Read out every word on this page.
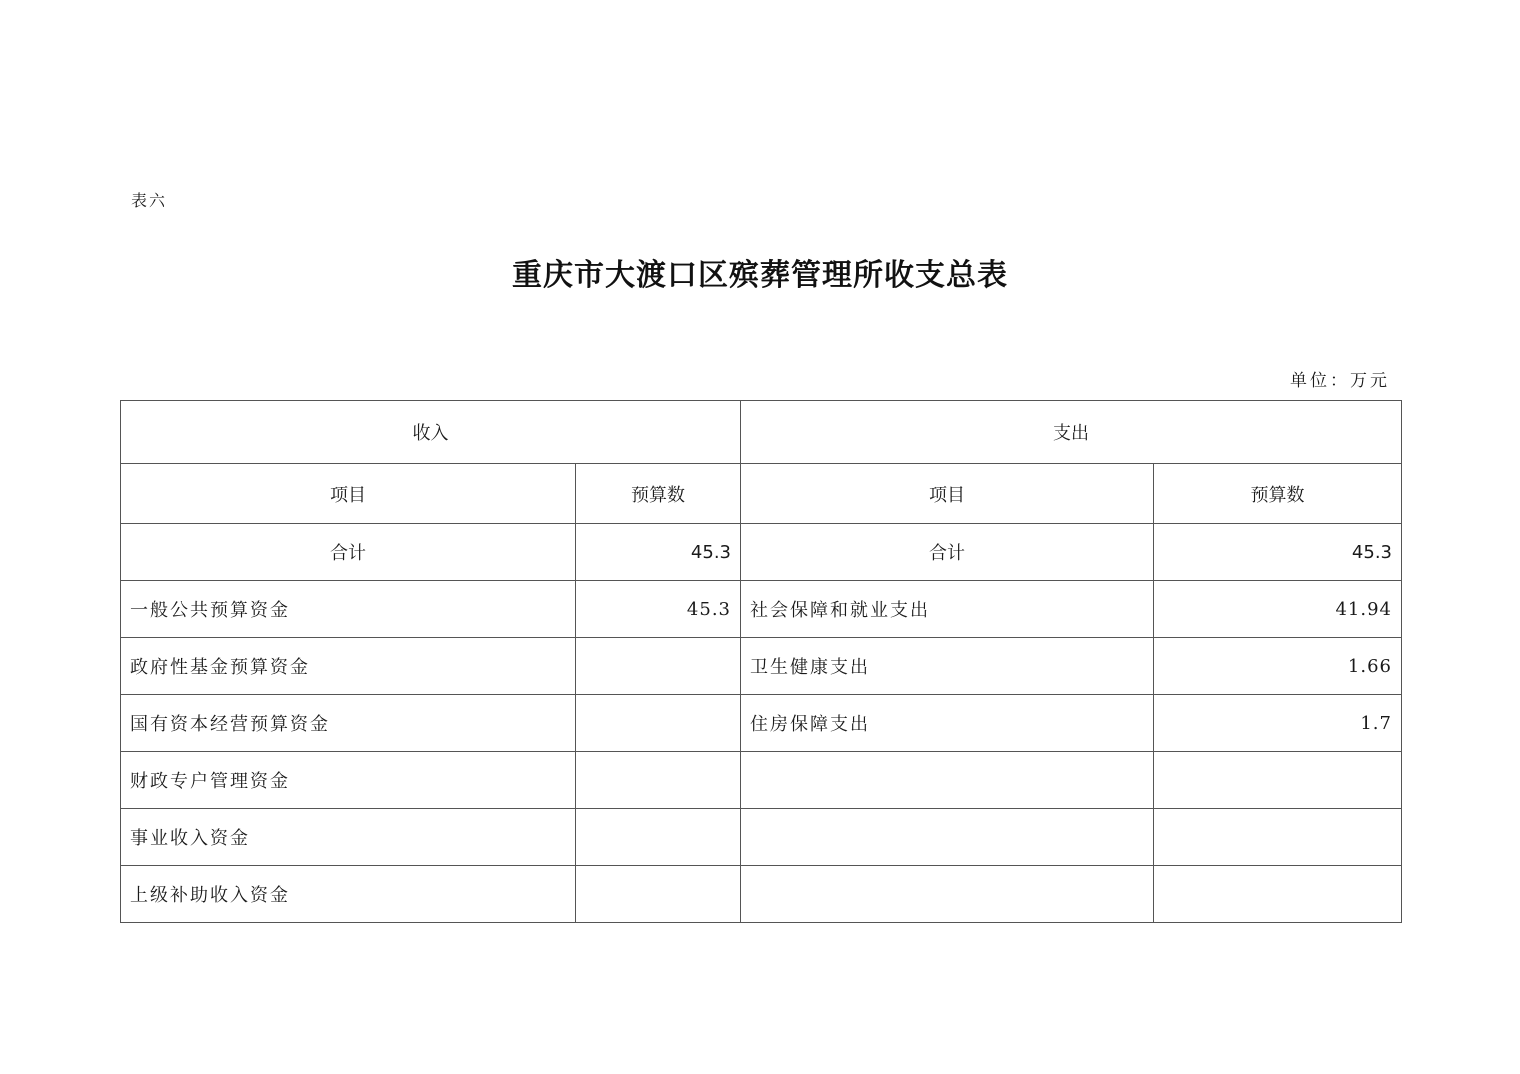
表六
重庆市大渡口区殡葬管理所收支总表
单位：万元
收入		支出	
项目	预算数	项目	预算数
合计	45.3	合计	45.3
一般公共预算资金	45.3	社会保障和就业支出	41.94
政府性基金预算资金		卫生健康支出	1.66
国有资本经营预算资金		住房保障支出	1.7
财政专户管理资金			
事业收入资金			
上级补助收入资金			
